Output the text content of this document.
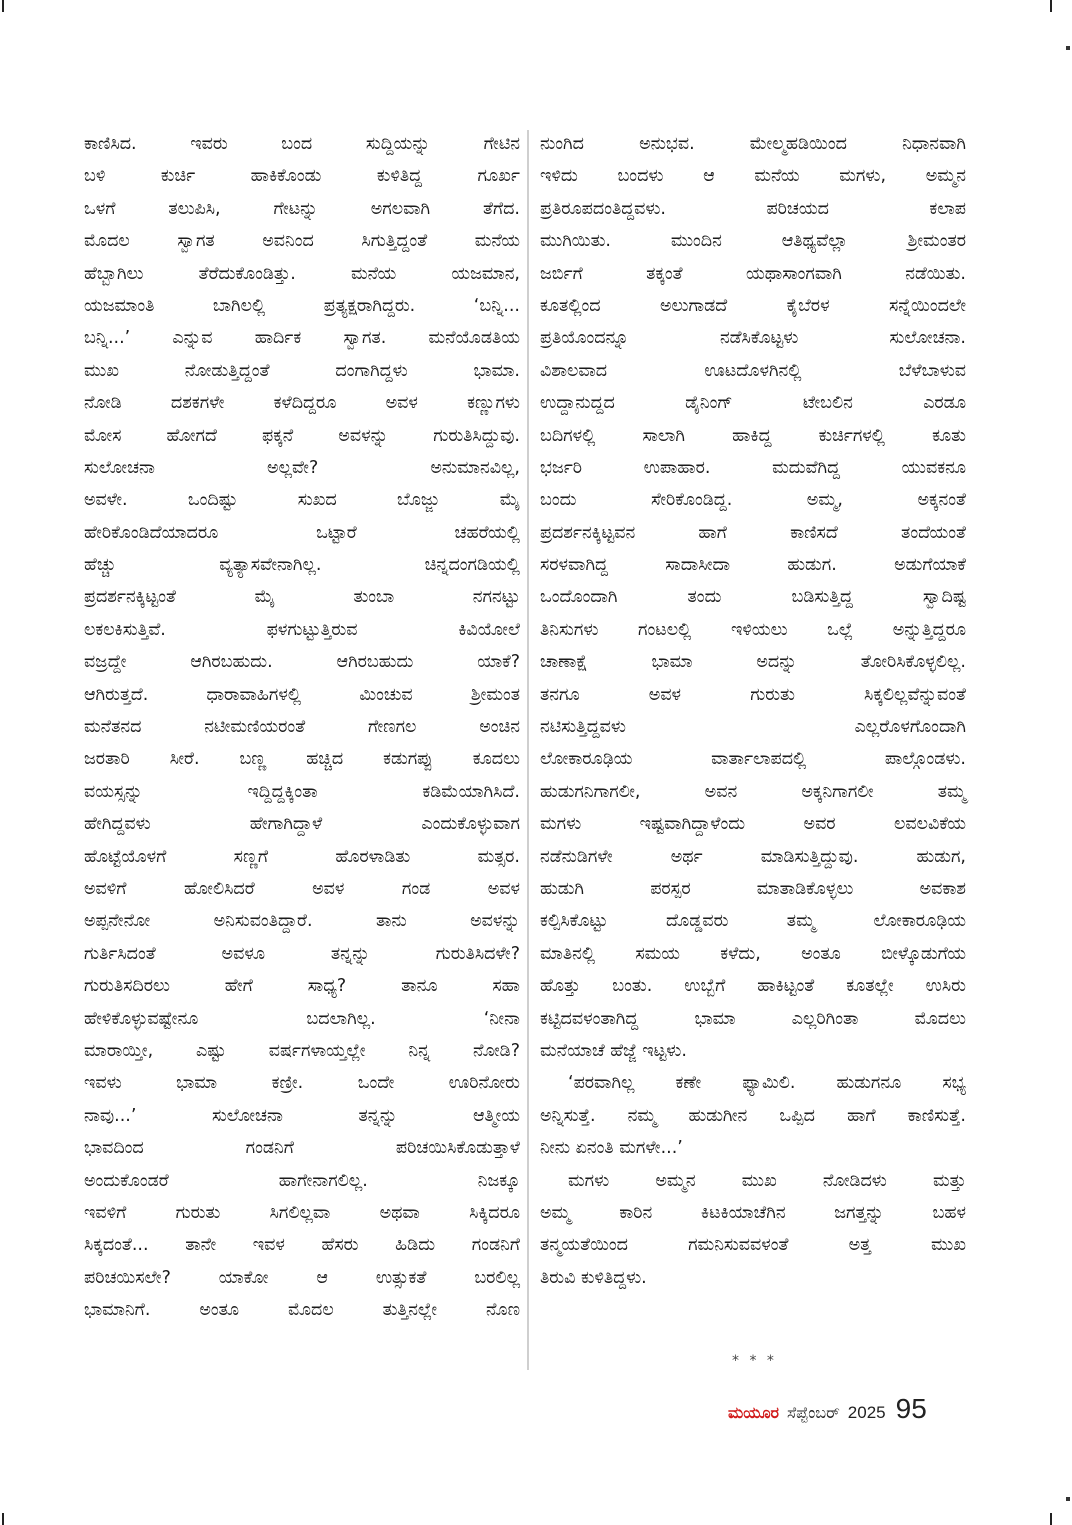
ಕಾಣಿಸಿದ. ಇವರು ಬಂದ ಸುದ್ದಿಯನ್ನು ಗೇಟಿನ
ಬಳಿ ಕುರ್ಚಿ ಹಾಕಿಕೊಂಡು ಕುಳಿತಿದ್ದ ಗೂರ್ಖ
ಒಳಗೆ ತಲುಪಿಸಿ, ಗೇಟನ್ನು ಅಗಲವಾಗಿ ತೆಗೆದ.
ಮೊದಲ ಸ್ವಾಗತ ಅವನಿಂದ ಸಿಗುತ್ತಿದ್ದಂತೆ ಮನೆಯ
ಹೆಬ್ಬಾಗಿಲು ತೆರೆದುಕೊಂಡಿತ್ತು. ಮನೆಯ ಯಜಮಾನ,
ಯಜಮಾಂತಿ ಬಾಗಿಲಲ್ಲಿ ಪ್ರತ್ಯಕ್ಷರಾಗಿದ್ದರು. ‘ಬನ್ನಿ...
ಬನ್ನಿ...’ ಎನ್ನುವ ಹಾರ್ದಿಕ ಸ್ವಾಗತ. ಮನೆಯೊಡತಿಯ
ಮುಖ ನೋಡುತ್ತಿದ್ದಂತೆ ದಂಗಾಗಿದ್ದಳು ಭಾಮಾ.
ನೋಡಿ ದಶಕಗಳೇ ಕಳೆದಿದ್ದರೂ ಅವಳ ಕಣ್ಣುಗಳು
ಮೋಸ ಹೋಗದೆ ಫಕ್ಕನೆ ಅವಳನ್ನು ಗುರುತಿಸಿದ್ದುವು.
ಸುಲೋಚನಾ ಅಲ್ಲವೇ? ಅನುಮಾನವಿಲ್ಲ,
ಅವಳೇ. ಒಂದಿಷ್ಟು ಸುಖದ ಬೊಜ್ಜು ಮೈ
ಹೇರಿಕೊಂಡಿದೆಯಾದರೂ ಒಟ್ಟಾರೆ ಚಹರೆಯಲ್ಲಿ
ಹೆಚ್ಚು ವ್ಯತ್ಯಾಸವೇನಾಗಿಲ್ಲ. ಚಿನ್ನದಂಗಡಿಯಲ್ಲಿ
ಪ್ರದರ್ಶನಕ್ಕಿಟ್ಟಂತೆ ಮೈ ತುಂಬಾ ನಗನಟ್ಟು
ಲಕಲಕಿಸುತ್ತಿವೆ. ಫಳಗುಟ್ಟುತ್ತಿರುವ ಕಿವಿಯೋಲೆ
ವಜ್ರದ್ದೇ ಆಗಿರಬಹುದು. ಆಗಿರಬಹುದು ಯಾಕೆ?
ಆಗಿರುತ್ತದೆ. ಧಾರಾವಾಹಿಗಳಲ್ಲಿ ಮಿಂಚುವ ಶ್ರೀಮಂತ
ಮನೆತನದ ನಟೀಮಣಿಯರಂತೆ ಗೇಣಗಲ ಅಂಚಿನ
ಜರತಾರಿ ಸೀರೆ. ಬಣ್ಣ ಹಚ್ಚಿದ ಕಡುಗಪ್ಪು ಕೂದಲು
ವಯಸ್ಸನ್ನು ಇದ್ದಿದ್ದಕ್ಕಿಂತಾ ಕಡಿಮೆಯಾಗಿಸಿದೆ.
ಹೇಗಿದ್ದವಳು ಹೇಗಾಗಿದ್ದಾಳೆ ಎಂದುಕೊಳ್ಳುವಾಗ
ಹೊಟ್ಟೆಯೊಳಗೆ ಸಣ್ಣಗೆ ಹೊರಳಾಡಿತು ಮತ್ಸರ.
ಅವಳಿಗೆ ಹೋಲಿಸಿದರೆ ಅವಳ ಗಂಡ ಅವಳ
ಅಪ್ಪನೇನೋ ಅನಿಸುವಂತಿದ್ದಾರೆ. ತಾನು ಅವಳನ್ನು
ಗುರ್ತಿಸಿದಂತೆ ಅವಳೂ ತನ್ನನ್ನು ಗುರುತಿಸಿದಳೇ?
ಗುರುತಿಸದಿರಲು ಹೇಗೆ ಸಾಧ್ಯ? ತಾನೂ ಸಹಾ
ಹೇಳಿಕೊಳ್ಳುವಷ್ಟೇನೂ ಬದಲಾಗಿಲ್ಲ. ‘ನೀನಾ
ಮಾರಾಯ್ತೀ, ಎಷ್ಟು ವರ್ಷಗಳಾಯ್ತಲ್ಲೇ ನಿನ್ನ ನೋಡಿ?
ಇವಳು ಭಾಮಾ ಕಣ್ರೀ. ಒಂದೇ ಊರಿನೋರು
ನಾವು...’ ಸುಲೋಚನಾ ತನ್ನನ್ನು ಆತ್ಮೀಯ
ಭಾವದಿಂದ ಗಂಡನಿಗೆ ಪರಿಚಯಿಸಿಕೊಡುತ್ತಾಳೆ
ಅಂದುಕೊಂಡರೆ ಹಾಗೇನಾಗಲಿಲ್ಲ. ನಿಜಕ್ಕೂ
ಇವಳಿಗೆ ಗುರುತು ಸಿಗಲಿಲ್ಲವಾ ಅಥವಾ ಸಿಕ್ಕಿದರೂ
ಸಿಕ್ಕದಂತೆ... ತಾನೇ ಇವಳ ಹೆಸರು ಹಿಡಿದು ಗಂಡನಿಗೆ
ಪರಿಚಯಿಸಲೇ? ಯಾಕೋ ಆ ಉತ್ಸುಕತೆ ಬರಲಿಲ್ಲ
ಭಾಮಾನಿಗೆ. ಅಂತೂ ಮೊದಲ ತುತ್ತಿನಲ್ಲೇ ನೊಣ
ನುಂಗಿದ ಅನುಭವ. ಮೇಲ್ಮಹಡಿಯಿಂದ ನಿಧಾನವಾಗಿ
ಇಳಿದು ಬಂದಳು ಆ ಮನೆಯ ಮಗಳು, ಅಮ್ಮನ
ಪ್ರತಿರೂಪದಂತಿದ್ದವಳು. ಪರಿಚಯದ ಕಲಾಪ
ಮುಗಿಯಿತು. ಮುಂದಿನ ಆತಿಥ್ಯವೆಲ್ಲಾ ಶ್ರೀಮಂತರ
ಜರ್ಬಿಗೆ ತಕ್ಕಂತೆ ಯಥಾಸಾಂಗವಾಗಿ ನಡೆಯಿತು.
ಕೂತಲ್ಲಿಂದ ಅಲುಗಾಡದೆ ಕೈಬೆರಳ ಸನ್ನೆಯಿಂದಲೇ
ಪ್ರತಿಯೊಂದನ್ನೂ ನಡೆಸಿಕೊಟ್ಟಳು ಸುಲೋಚನಾ.
ವಿಶಾಲವಾದ ಊಟದೊಳಗಿನಲ್ಲಿ ಬೆಳೆಬಾಳುವ
ಉದ್ದಾನುದ್ದದ ಡೈನಿಂಗ್ ಟೇಬಲಿನ ಎರಡೂ
ಬದಿಗಳಲ್ಲಿ ಸಾಲಾಗಿ ಹಾಕಿದ್ದ ಕುರ್ಚಿಗಳಲ್ಲಿ ಕೂತು
ಭರ್ಜರಿ ಉಪಾಹಾರ. ಮದುವೆಗಿದ್ದ ಯುವಕನೂ
ಬಂದು ಸೇರಿಕೊಂಡಿದ್ದ. ಅಮ್ಮ, ಅಕ್ಕನಂತೆ
ಪ್ರದರ್ಶನಕ್ಕಿಟ್ಟವನ ಹಾಗೆ ಕಾಣಿಸದೆ ತಂದೆಯಂತೆ
ಸರಳವಾಗಿದ್ದ ಸಾದಾಸೀದಾ ಹುಡುಗ. ಅಡುಗೆಯಾಕೆ
ಒಂದೊಂದಾಗಿ ತಂದು ಬಡಿಸುತ್ತಿದ್ದ ಸ್ವಾದಿಷ್ಟ
ತಿನಿಸುಗಳು ಗಂಟಲಲ್ಲಿ ಇಳಿಯಲು ಒಲ್ಲೆ ಅನ್ನುತ್ತಿದ್ದರೂ
ಚಾಣಾಕ್ಷೆ ಭಾಮಾ ಅದನ್ನು ತೋರಿಸಿಕೊಳ್ಳಲಿಲ್ಲ.
ತನಗೂ ಅವಳ ಗುರುತು ಸಿಕ್ಕಲಿಲ್ಲವೆನ್ನುವಂತೆ
ನಟಿಸುತ್ತಿದ್ದವಳು ಎಲ್ಲರೊಳಗೊಂದಾಗಿ
ಲೋಕಾರೂಢಿಯ ವಾರ್ತಾಲಾಪದಲ್ಲಿ ಪಾಲ್ಗೊಂಡಳು.
ಹುಡುಗನಿಗಾಗಲೀ, ಅವನ ಅಕ್ಕನಿಗಾಗಲೀ ತಮ್ಮ
ಮಗಳು ಇಷ್ಟವಾಗಿದ್ದಾಳೆಂದು ಅವರ ಲವಲವಿಕೆಯ
ನಡೆನುಡಿಗಳೇ ಅರ್ಥ ಮಾಡಿಸುತ್ತಿದ್ದುವು. ಹುಡುಗ,
ಹುಡುಗಿ ಪರಸ್ಪರ ಮಾತಾಡಿಕೊಳ್ಳಲು ಅವಕಾಶ
ಕಲ್ಪಿಸಿಕೊಟ್ಟು ದೊಡ್ಡವರು ತಮ್ಮ ಲೋಕಾರೂಢಿಯ
ಮಾತಿನಲ್ಲಿ ಸಮಯ ಕಳೆದು, ಅಂತೂ ಬೀಳ್ಕೊಡುಗೆಯ
ಹೊತ್ತು ಬಂತು. ಉಬ್ಬೆಗೆ ಹಾಕಿಟ್ಟಂತೆ ಕೂತಲ್ಲೇ ಉಸಿರು
ಕಟ್ಟಿದವಳಂತಾಗಿದ್ದ ಭಾಮಾ ಎಲ್ಲರಿಗಿಂತಾ ಮೊದಲು
ಮನೆಯಾಚೆ ಹೆಜ್ಜೆ ಇಟ್ಟಳು.
‘ಪರವಾಗಿಲ್ಲ ಕಣೇ ಫ್ಯಾಮಿಲಿ. ಹುಡುಗನೂ ಸಭ್ಯ
ಅನ್ನಿಸುತ್ತೆ. ನಮ್ಮ ಹುಡುಗೀನ ಒಪ್ಪಿದ ಹಾಗೆ ಕಾಣಿಸುತ್ತೆ.
ನೀನು ಏನಂತಿ ಮಗಳೇ...’
ಮಗಳು ಅಮ್ಮನ ಮುಖ ನೋಡಿದಳು ಮತ್ತು
ಅಮ್ಮ ಕಾರಿನ ಕಿಟಕಿಯಾಚೆಗಿನ ಜಗತ್ತನ್ನು ಬಹಳ
ತನ್ಮಯತೆಯಿಂದ ಗಮನಿಸುವವಳಂತೆ ಅತ್ತ ಮುಖ
ತಿರುವಿ ಕುಳಿತಿದ್ದಳು.
* * *
ಮಯೂರ ಸೆಪ್ಟೆಂಬರ್ 2025 95
